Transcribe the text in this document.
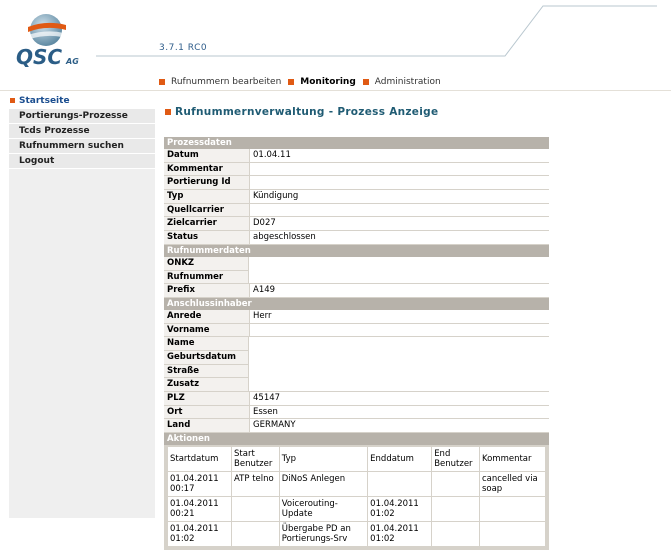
QSC AG
3.7.1 RC0
Rufnummern bearbeiten Monitoring Administration
Startseite
Portierungs-Prozesse
Tcds Prozesse
Rufnummern suchen
Logout
Rufnummernverwaltung - Prozess Anzeige
Prozessdaten
Datum	01.04.11
Kommentar
Portierung Id
Typ	Kündigung
Quellcarrier
Zielcarrier	D027
Status	abgeschlossen
Rufnummerdaten
ONKZ
Rufnummer
Prefix	A149
Anschlussinhaber
Anrede	Herr
Vorname
Name
Geburtsdatum
Straße
Zusatz
PLZ	45147
Ort	Essen
Land	GERMANY
Aktionen
Startdatum	Start Benutzer	Typ	Enddatum	End Benutzer	Kommentar
01.04.2011 00:17	ATP telno	DiNoS Anlegen			cancelled via soap
01.04.2011 00:21		Voicerouting-Update	01.04.2011 01:02		
01.04.2011 01:02		Übergabe PD an Portierungs-Srv	01.04.2011 01:02		
